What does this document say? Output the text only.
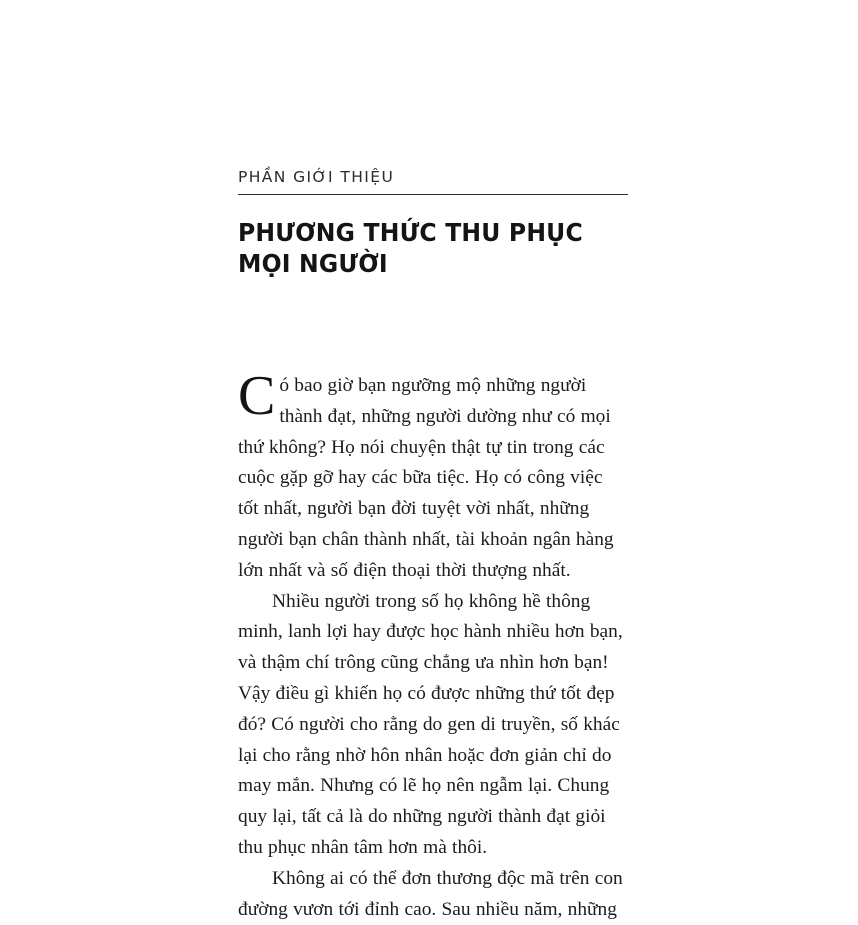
PHẦN GIỚI THIỆU
PHƯƠNG THỨC THU PHỤC MỌI NGƯỜI

Có bao giờ bạn ngưỡng mộ những người thành đạt, những người dường như có mọi thứ không? Họ nói chuyện thật tự tin trong các cuộc gặp gỡ hay các bữa tiệc. Họ có công việc tốt nhất, người bạn đời tuyệt vời nhất, những người bạn chân thành nhất, tài khoản ngân hàng lớn nhất và số điện thoại thời thượng nhất.

Nhiều người trong số họ không hề thông minh, lanh lợi hay được học hành nhiều hơn bạn, và thậm chí trông cũng chẳng ưa nhìn hơn bạn! Vậy điều gì khiến họ có được những thứ tốt đẹp đó? Có người cho rằng do gen di truyền, số khác lại cho rằng nhờ hôn nhân hoặc đơn giản chỉ do may mắn. Nhưng có lẽ họ nên ngẫm lại. Chung quy lại, tất cả là do những người thành đạt giỏi thu phục nhân tâm hơn mà thôi.

Không ai có thể đơn thương độc mã trên con đường vươn tới đỉnh cao. Sau nhiều năm, những
